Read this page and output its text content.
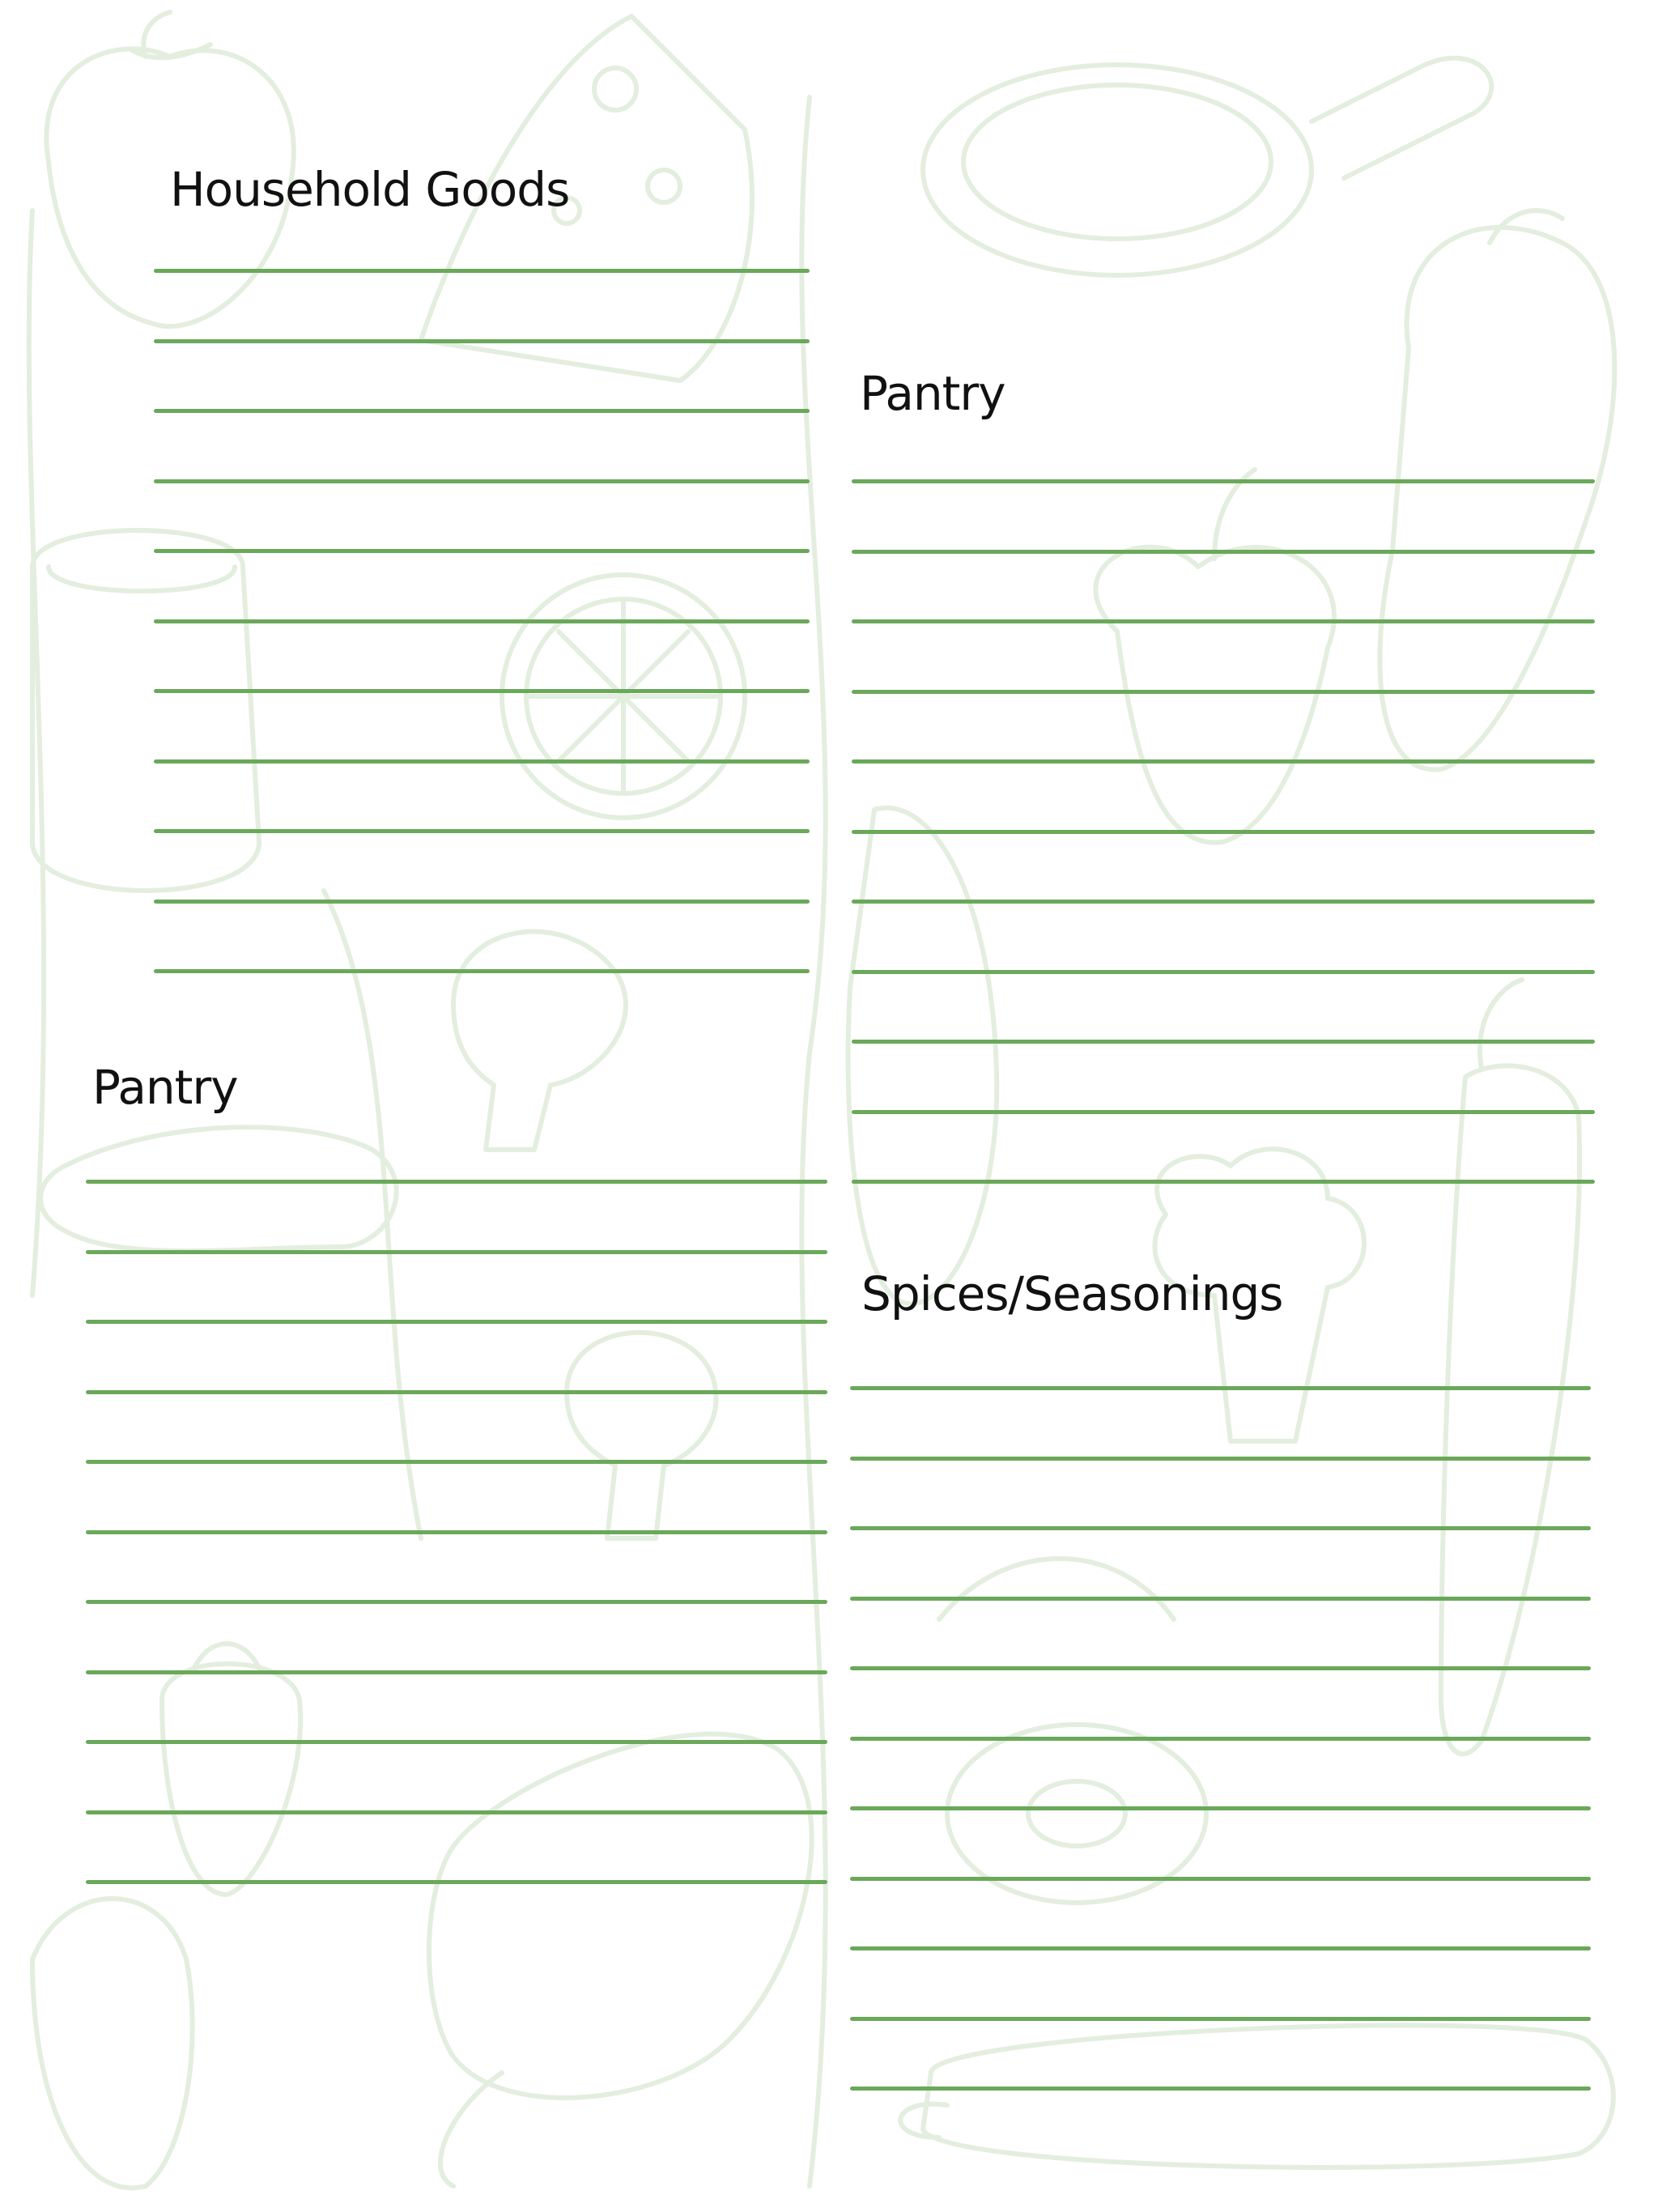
Household Goods
Pantry
Pantry
Spices/Seasonings
